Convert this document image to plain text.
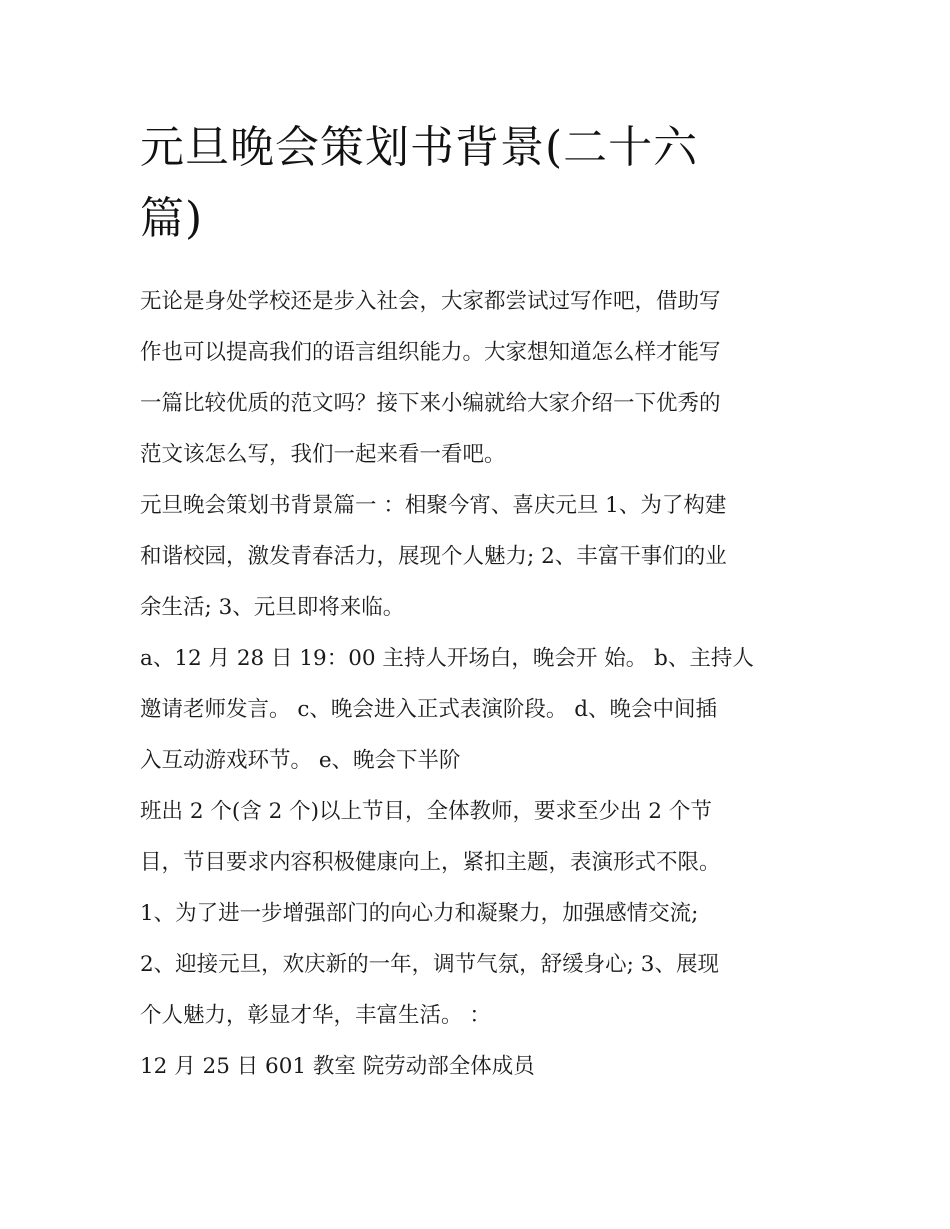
元旦晚会策划书背景(二十六
篇)

无论是身处学校还是步入社会，大家都尝试过写作吧，借助写
作也可以提高我们的语言组织能力。大家想知道怎么样才能写
一篇比较优质的范文吗？接下来小编就给大家介绍一下优秀的
范文该怎么写，我们一起来看一看吧。

元旦晚会策划书背景篇一 ：相聚今宵、喜庆元旦 1、为了构建
和谐校园，激发青春活力，展现个人魅力; 2、丰富干事们的业
余生活; 3、元旦即将来临。

a、12 月 28 日 19：00 主持人开场白，晚会开 始。 b、主持人
邀请老师发言。 c、晚会进入正式表演阶段。 d、晚会中间插
入互动游戏环节。 e、晚会下半阶

班出 2 个(含 2 个)以上节目，全体教师，要求至少出 2 个节
目，节目要求内容积极健康向上，紧扣主题，表演形式不限。

1、为了进一步增强部门的向心力和凝聚力，加强感情交流;
2、迎接元旦，欢庆新的一年，调节气氛，舒缓身心; 3、展现
个人魅力，彰显才华，丰富生活。 ：

12 月 25 日 601 教室 院劳动部全体成员
